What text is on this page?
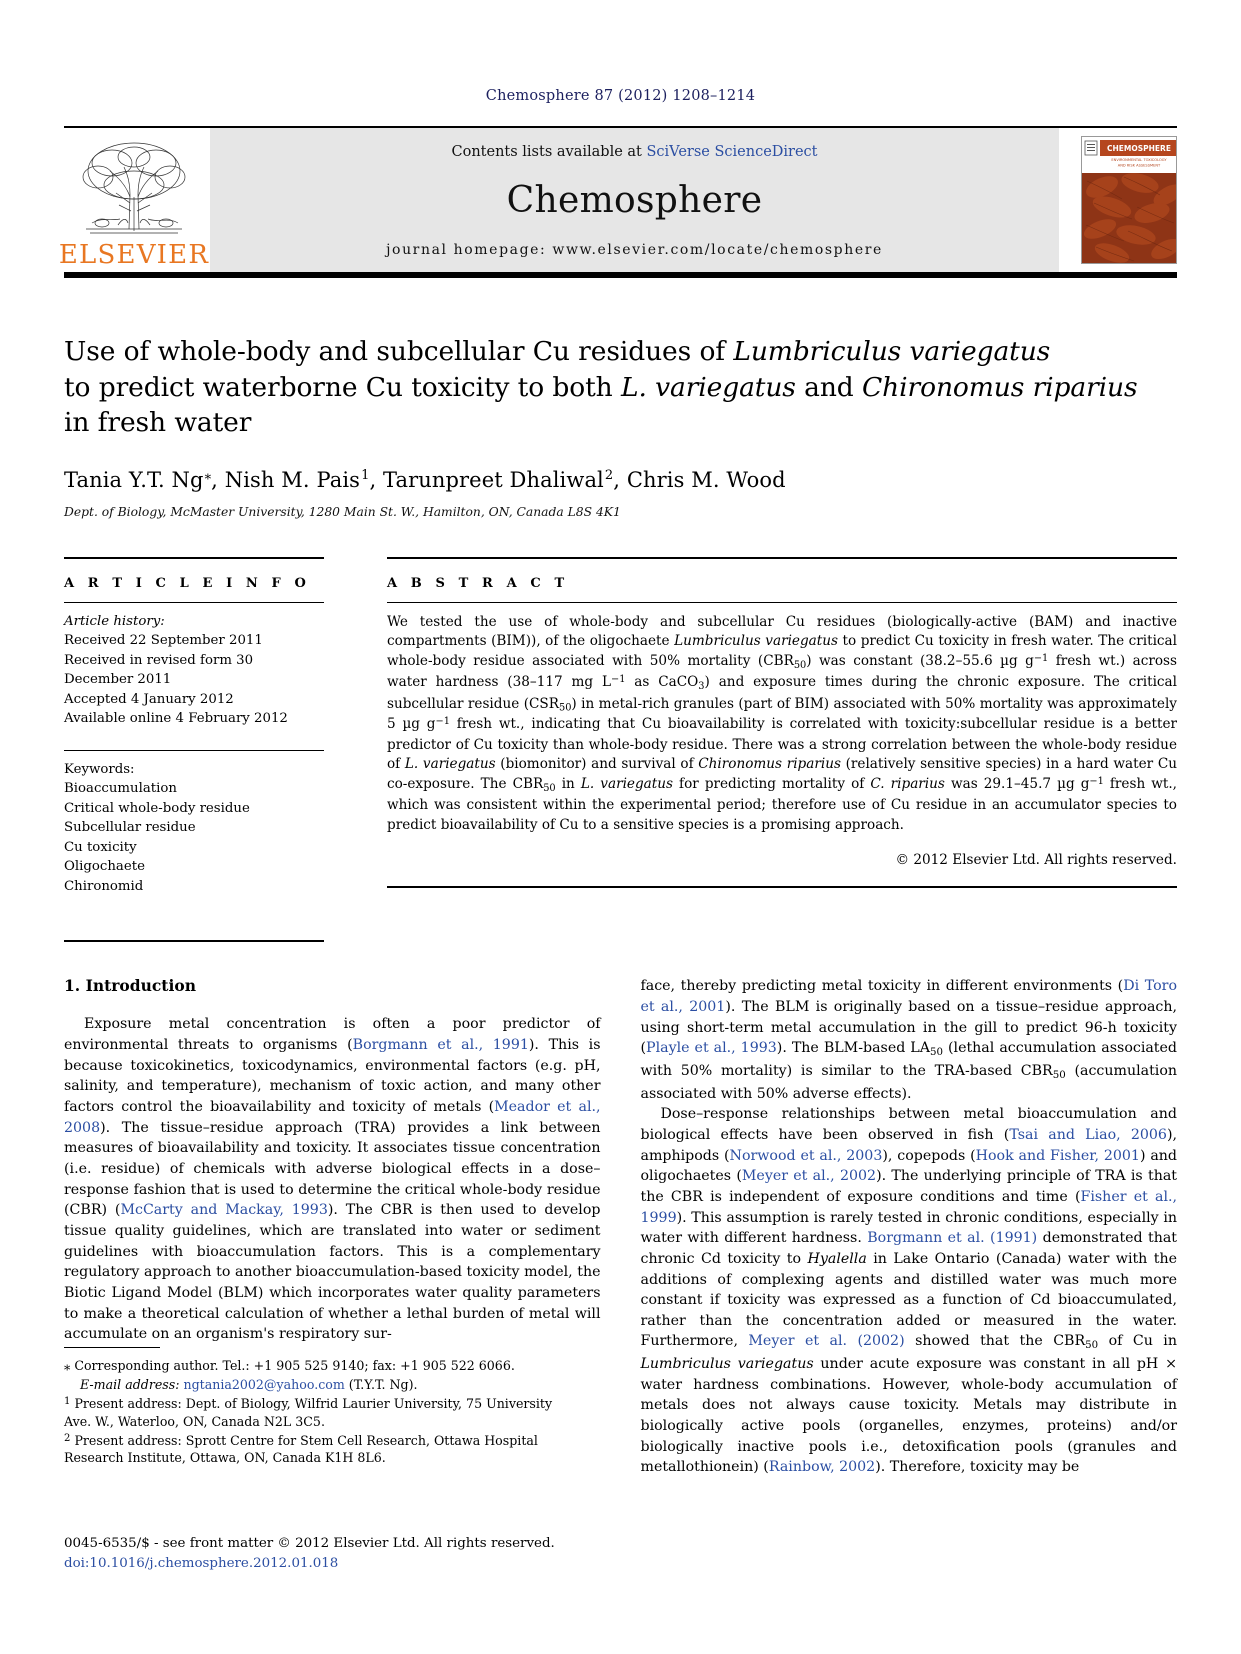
Chemosphere 87 (2012) 1208–1214
ELSEVIER
Contents lists available at SciVerse ScienceDirect
Chemosphere
journal homepage: www.elsevier.com/locate/chemosphere
CHEMOSPHERE
ENVIRONMENTAL TOXICOLOGY
AND RISK ASSESSMENT
Use of whole-body and subcellular Cu residues of Lumbriculus variegatus
to predict waterborne Cu toxicity to both L. variegatus and Chironomus riparius
in fresh water
Tania Y.T. Ng⁎, Nish M. Pais$^1$, Tarunpreet Dhaliwal$^2$, Chris M. Wood
Dept. of Biology, McMaster University, 1280 Main St. W., Hamilton, ON, Canada L8S 4K1
A R T I C L E I N F O
Article history:
Received 22 September 2011
Received in revised form 30 December 2011
Accepted 4 January 2012
Available online 4 February 2012
Keywords:
Bioaccumulation
Critical whole-body residue
Subcellular residue
Cu toxicity
Oligochaete
Chironomid
A B S T R A C T
We tested the use of whole-body and subcellular Cu residues (biologically-active (BAM) and inactive compartments (BIM)), of the oligochaete Lumbriculus variegatus to predict Cu toxicity in fresh water. The critical whole-body residue associated with 50% mortality $(CBR_{50})$ was constant (38.2–55.6 µg $g^{-1}$ fresh wt.) across water hardness (38–117 mg $L^{-1}$ as CaCO$_3$) and exposure times during the chronic exposure. The critical subcellular residue $(CSR_{50})$ in metal-rich granules (part of BIM) associated with 50% mortality was approximately 5 µg $g^{-1}$ fresh wt., indicating that Cu bioavailability is correlated with toxicity:subcellular residue is a better predictor of Cu toxicity than whole-body residue. There was a strong correlation between the whole-body residue of L. variegatus (biomonitor) and survival of Chironomus riparius (relatively sensitive species) in a hard water Cu co-exposure. The $CBR_{50}$ in L. variegatus for predicting mortality of C. riparius was 29.1–45.7 µg $g^{-1}$ fresh wt., which was consistent within the experimental period; therefore use of Cu residue in an accumulator species to predict bioavailability of Cu to a sensitive species is a promising approach.
© 2012 Elsevier Ltd. All rights reserved.
1. Introduction

Exposure metal concentration is often a poor predictor of environmental threats to organisms (Borgmann et al., 1991). This is because toxicokinetics, toxicodynamics, environmental factors (e.g. pH, salinity, and temperature), mechanism of toxic action, and many other factors control the bioavailability and toxicity of metals (Meador et al., 2008). The tissue–residue approach (TRA) provides a link between measures of bioavailability and toxicity. It associates tissue concentration (i.e. residue) of chemicals with adverse biological effects in a dose–response fashion that is used to determine the critical whole-body residue (CBR) (McCarty and Mackay, 1993). The CBR is then used to develop tissue quality guidelines, which are translated into water or sediment guidelines with bioaccumulation factors. This is a complementary regulatory approach to another bioaccumulation-based toxicity model, the Biotic Ligand Model (BLM) which incorporates water quality parameters to make a theoretical calculation of whether a lethal burden of metal will accumulate on an organism's respiratory sur-

face, thereby predicting metal toxicity in different environments (Di Toro et al., 2001). The BLM is originally based on a tissue–residue approach, using short-term metal accumulation in the gill to predict 96-h toxicity (Playle et al., 1993). The BLM-based $LA_{50}$ (lethal accumulation associated with 50% mortality) is similar to the TRA-based $CBR_{50}$ (accumulation associated with 50% adverse effects).

Dose–response relationships between metal bioaccumulation and biological effects have been observed in fish (Tsai and Liao, 2006), amphipods (Norwood et al., 2003), copepods (Hook and Fisher, 2001) and oligochaetes (Meyer et al., 2002). The underlying principle of TRA is that the CBR is independent of exposure conditions and time (Fisher et al., 1999). This assumption is rarely tested in chronic conditions, especially in water with different hardness. Borgmann et al. (1991) demonstrated that chronic Cd toxicity to Hyalella in Lake Ontario (Canada) water with the additions of complexing agents and distilled water was much more constant if toxicity was expressed as a function of Cd bioaccumulated, rather than the concentration added or measured in the water. Furthermore, Meyer et al. (2002) showed that the $CBR_{50}$ of Cu in Lumbriculus variegatus under acute exposure was constant in all pH × water hardness combinations. However, whole-body accumulation of metals does not always cause toxicity. Metals may distribute in biologically active pools (organelles, enzymes, proteins) and/or biologically inactive pools i.e., detoxification pools (granules and metallothionein) (Rainbow, 2002). Therefore, toxicity may be

⁎ Corresponding author. Tel.: +1 905 525 9140; fax: +1 905 522 6066.

E-mail address: ngtania2002@yahoo.com (T.Y.T. Ng).

$^1$ Present address: Dept. of Biology, Wilfrid Laurier University, 75 University Ave. W., Waterloo, ON, Canada N2L 3C5.

$^2$ Present address: Sprott Centre for Stem Cell Research, Ottawa Hospital Research Institute, Ottawa, ON, Canada K1H 8L6.

0045-6535/$ - see front matter © 2012 Elsevier Ltd. All rights reserved.
doi:10.1016/j.chemosphere.2012.01.018
